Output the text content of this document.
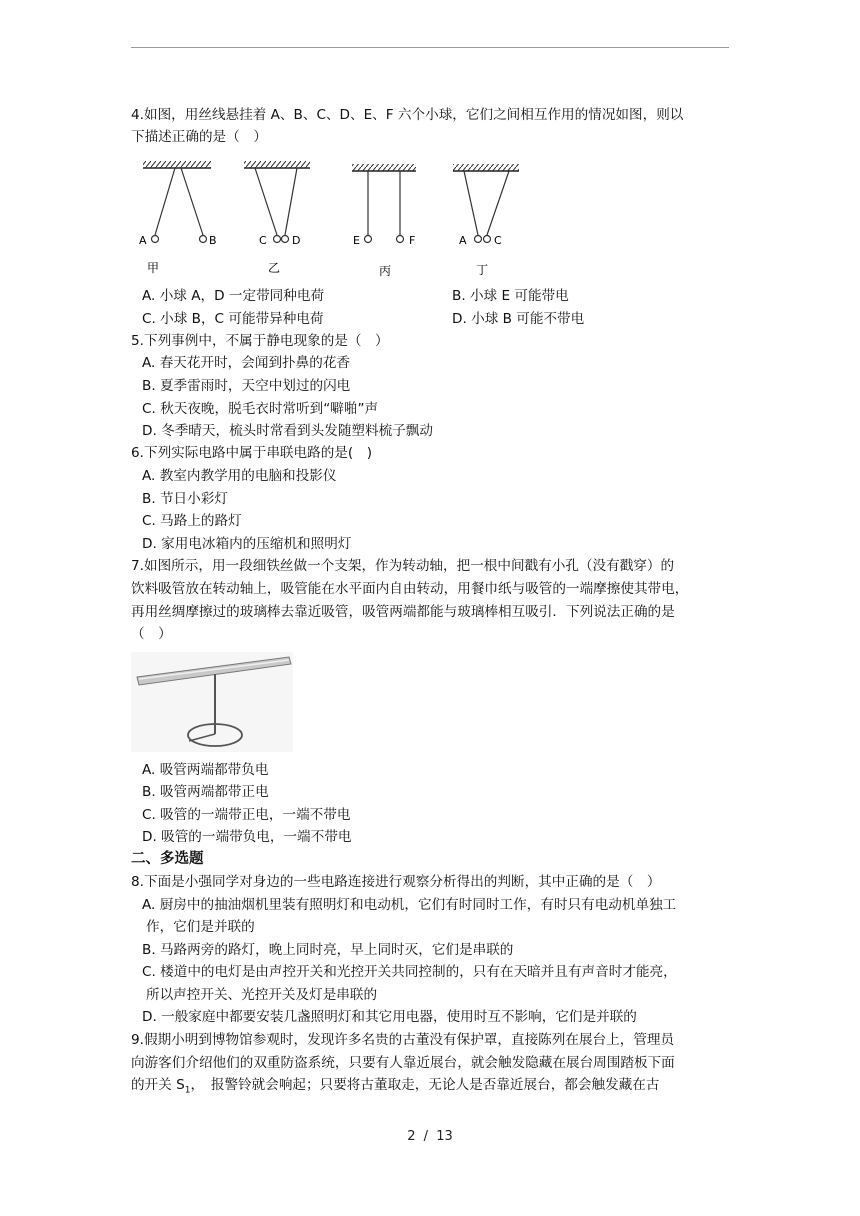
4.如图，用丝线悬挂着 A、B、C、D、E、F 六个小球，它们之间相互作用的情况如图，则以
下描述正确的是（　）
A	B
甲
C D
乙
E	F
丙
A C
丁
A. 小球 A，D 一定带同种电荷	B. 小球 E 可能带电
C. 小球 B，C 可能带异种电荷	D. 小球 B 可能不带电
5.下列事例中，不属于静电现象的是（　）
A. 春天花开时，会闻到扑鼻的花香
B. 夏季雷雨时，天空中划过的闪电
C. 秋天夜晚，脱毛衣时常听到“噼啪”声
D. 冬季晴天，梳头时常看到头发随塑料梳子飘动
6.下列实际电路中属于串联电路的是(　)
A. 教室内教学用的电脑和投影仪
B. 节日小彩灯
C. 马路上的路灯
D. 家用电冰箱内的压缩机和照明灯
7.如图所示，用一段细铁丝做一个支架，作为转动轴，把一根中间戳有小孔（没有戳穿）的
饮料吸管放在转动轴上，吸管能在水平面内自由转动，用餐巾纸与吸管的一端摩擦使其带电，
再用丝绸摩擦过的玻璃棒去靠近吸管，吸管两端都能与玻璃棒相互吸引．下列说法正确的是
（　）
A. 吸管两端都带负电
B. 吸管两端都带正电
C. 吸管的一端带正电，一端不带电
D. 吸管的一端带负电，一端不带电
二、多选题
8.下面是小强同学对身边的一些电路连接进行观察分析得出的判断，其中正确的是（　）
A. 厨房中的抽油烟机里装有照明灯和电动机，它们有时同时工作，有时只有电动机单独工
作，它们是并联的
B. 马路两旁的路灯，晚上同时亮，早上同时灭，它们是串联的
C. 楼道中的电灯是由声控开关和光控开关共同控制的，只有在天暗并且有声音时才能亮，
所以声控开关、光控开关及灯是串联的
D. 一般家庭中都要安装几盏照明灯和其它用电器，使用时互不影响，它们是并联的
9.假期小明到博物馆参观时，发现许多名贵的古董没有保护罩，直接陈列在展台上，管理员
向游客们介绍他们的双重防盗系统，只要有人靠近展台，就会触发隐藏在展台周围踏板下面
的开关 $S_1$，　报警铃就会响起；只要将古董取走，无论人是否靠近展台，都会触发藏在古
2 / 13
